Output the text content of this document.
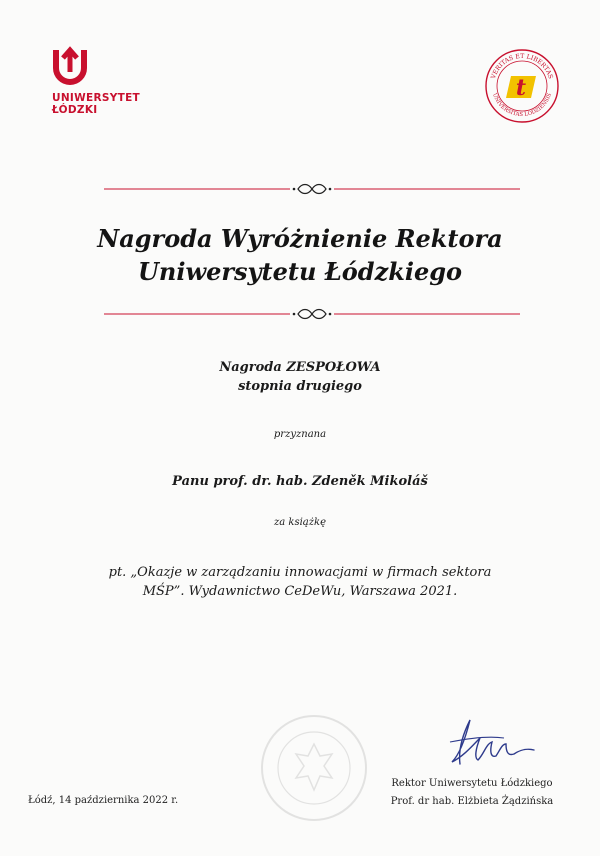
UNIWERSYTET
ŁÓDZKI
VERITAS ET LIBERTAS
UNIVERSITAS LODZIENSIS
t
Nagroda Wyróżnienie Rektora
Uniwersytetu Łódzkiego
Nagroda ZESPOŁOWA
stopnia drugiego
przyznana
Panu prof. dr. hab. Zdeněk Mikoláš
za książkę
pt. „Okazje w zarządzaniu innowacjami w firmach sektora
MŚP”. Wydawnictwo CeDeWu, Warszawa 2021.
Łódź, 14 października 2022 r.
Rektor Uniwersytetu Łódzkiego
Prof. dr hab. Elżbieta Żądzińska
